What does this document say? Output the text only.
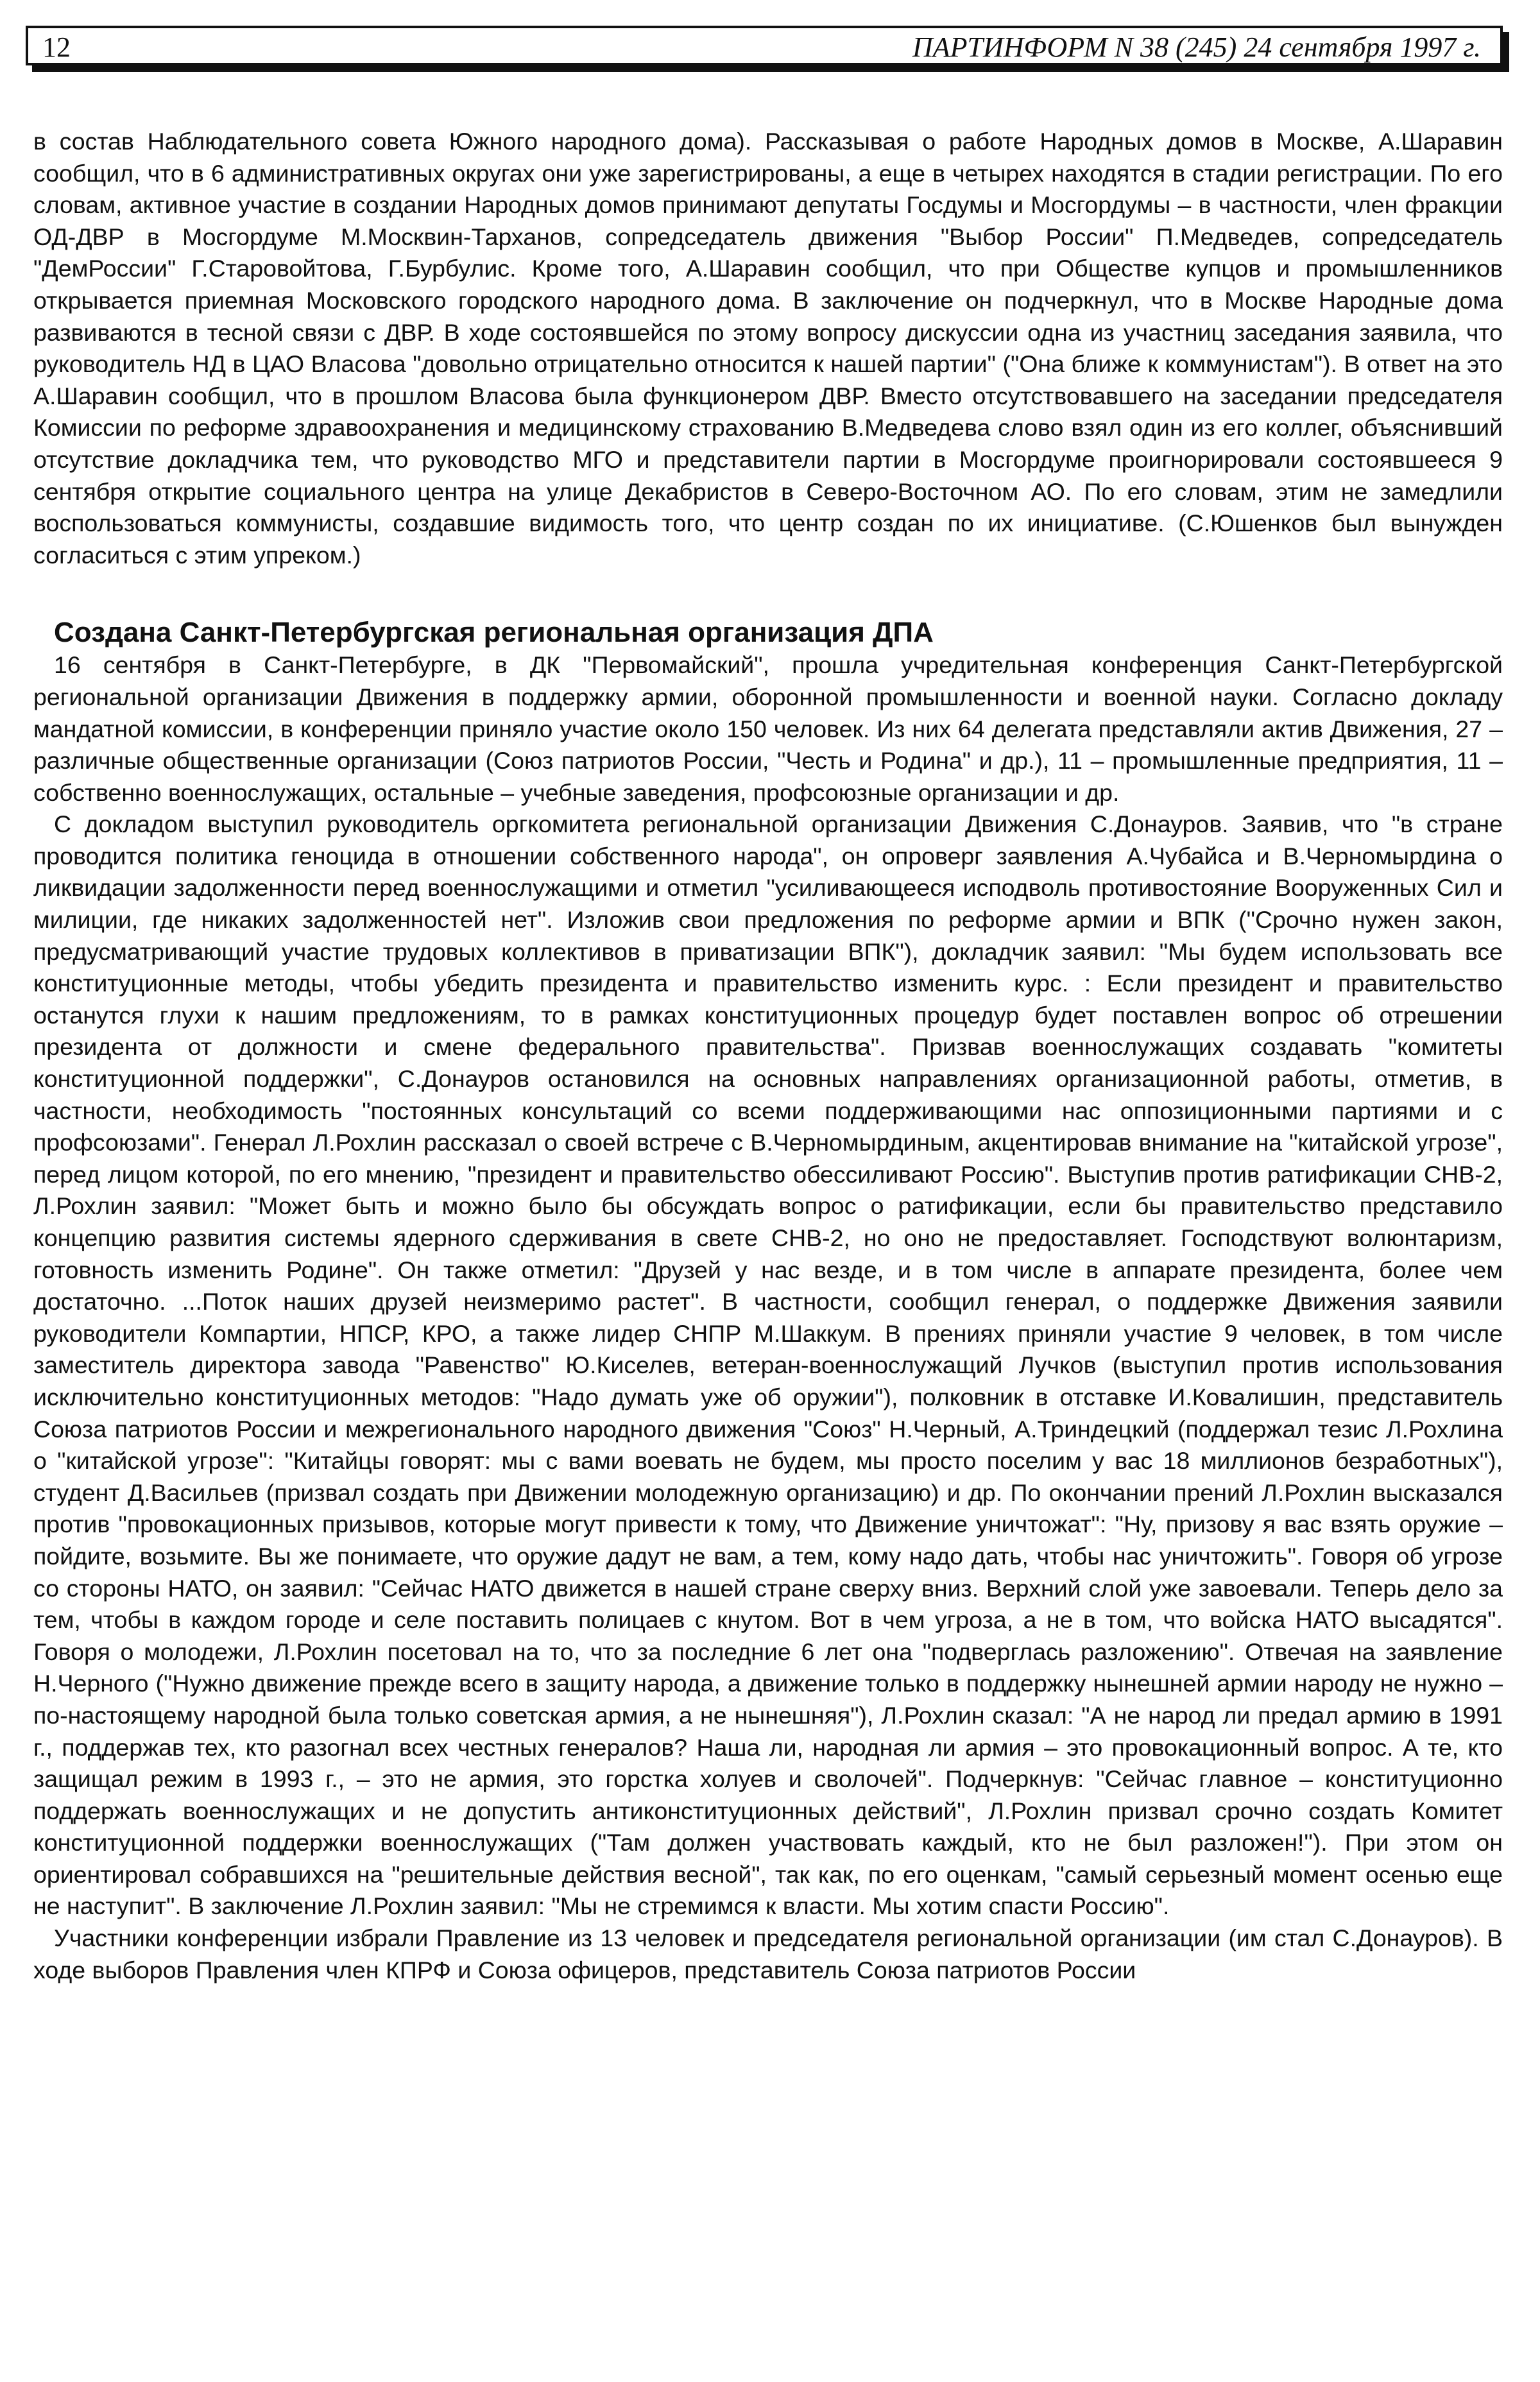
12	ПАРТИНФОРМ N 38 (245) 24 сентября 1997 г.

в состав Наблюдательного совета Южного народного дома). Рассказывая о работе Народных домов в Москве, А.Шаравин сообщил, что в 6 административных округах они уже зарегистрированы, а еще в четырех находятся в стадии регистрации. По его словам, активное участие в создании Народных домов принимают депутаты Госдумы и Мосгордумы – в частности, член фракции ОД-ДВР в Мосгордуме М.Москвин-Тарханов, сопредседатель движения "Выбор России" П.Медведев, сопредседатель "ДемРоссии" Г.Старовойтова, Г.Бурбулис. Кроме того, А.Шаравин сообщил, что при Обществе купцов и промышленников открывается приемная Московского городского народного дома. В заключение он подчеркнул, что в Москве Народные дома развиваются в тесной связи с ДВР. В ходе состоявшейся по этому вопросу дискуссии одна из участниц заседания заявила, что руководитель НД в ЦАО Власова "довольно отрицательно относится к нашей партии" ("Она ближе к коммунистам"). В ответ на это А.Шаравин сообщил, что в прошлом Власова была функционером ДВР. Вместо отсутствовавшего на заседании председателя Комиссии по реформе здравоохранения и медицинскому страхованию В.Медведева слово взял один из его коллег, объяснивший отсутствие докладчика тем, что руководство МГО и представители партии в Мосгордуме проигнорировали состоявшееся 9 сентября открытие социального центра на улице Декабристов в Северо-Восточном АО. По его словам, этим не замедлили воспользоваться коммунисты, создавшие видимость того, что центр создан по их инициативе. (С.Юшенков был вынужден согласиться с этим упреком.)

Создана Санкт-Петербургская региональная организация ДПА

16 сентября в Санкт-Петербурге, в ДК "Первомайский", прошла учредительная конференция Санкт-Петербургской региональной организации Движения в поддержку армии, оборонной промышленности и военной науки. Согласно докладу мандатной комиссии, в конференции приняло участие около 150 человек. Из них 64 делегата представляли актив Движения, 27 – различные общественные организации (Союз патриотов России, "Честь и Родина" и др.), 11 – промышленные предприятия, 11 – собственно военнослужащих, остальные – учебные заведения, профсоюзные организации и др.

С докладом выступил руководитель оргкомитета региональной организации Движения С.Донауров. Заявив, что "в стране проводится политика геноцида в отношении собственного народа", он опроверг заявления А.Чубайса и В.Черномырдина о ликвидации задолженности перед военнослужащими и отметил "усиливающееся исподволь противостояние Вооруженных Сил и милиции, где никаких задолженностей нет". Изложив свои предложения по реформе армии и ВПК ("Срочно нужен закон, предусматривающий участие трудовых коллективов в приватизации ВПК"), докладчик заявил: "Мы будем использовать все конституционные методы, чтобы убедить президента и правительство изменить курс. : Если президент и правительство останутся глухи к нашим предложениям, то в рамках конституционных процедур будет поставлен вопрос об отрешении президента от должности и смене федерального правительства". Призвав военнослужащих создавать "комитеты конституционной поддержки", С.Донауров остановился на основных направлениях организационной работы, отметив, в частности, необходимость "постоянных консультаций со всеми поддерживающими нас оппозиционными партиями и с профсоюзами". Генерал Л.Рохлин рассказал о своей встрече с В.Черномырдиным, акцентировав внимание на "китайской угрозе", перед лицом которой, по его мнению, "президент и правительство обессиливают Россию". Выступив против ратификации СНВ-2, Л.Рохлин заявил: "Может быть и можно было бы обсуждать вопрос о ратификации, если бы правительство представило концепцию развития системы ядерного сдерживания в свете СНВ-2, но оно не предоставляет. Господствуют волюнтаризм, готовность изменить Родине". Он также отметил: "Друзей у нас везде, и в том числе в аппарате президента, более чем достаточно. ...Поток наших друзей неизмеримо растет". В частности, сообщил генерал, о поддержке Движения заявили руководители Компартии, НПСР, КРО, а также лидер СНПР М.Шаккум. В прениях приняли участие 9 человек, в том числе заместитель директора завода "Равенство" Ю.Киселев, ветеран-военнослужащий Лучков (выступил против использования исключительно конституционных методов: "Надо думать уже об оружии"), полковник в отставке И.Ковалишин, представитель Союза патриотов России и межрегионального народного движения "Союз" Н.Черный, А.Триндецкий (поддержал тезис Л.Рохлина о "китайской угрозе": "Китайцы говорят: мы с вами воевать не будем, мы просто поселим у вас 18 миллионов безработных"), студент Д.Васильев (призвал создать при Движении молодежную организацию) и др. По окончании прений Л.Рохлин высказался против "провокационных призывов, которые могут привести к тому, что Движение уничтожат": "Ну, призову я вас взять оружие – пойдите, возьмите. Вы же понимаете, что оружие дадут не вам, а тем, кому надо дать, чтобы нас уничтожить". Говоря об угрозе со стороны НАТО, он заявил: "Сейчас НАТО движется в нашей стране сверху вниз. Верхний слой уже завоевали. Теперь дело за тем, чтобы в каждом городе и селе поставить полицаев с кнутом. Вот в чем угроза, а не в том, что войска НАТО высадятся". Говоря о молодежи, Л.Рохлин посетовал на то, что за последние 6 лет она "подверглась разложению". Отвечая на заявление Н.Черного ("Нужно движение прежде всего в защиту народа, а движение только в поддержку нынешней армии народу не нужно – по-настоящему народной была только советская армия, а не нынешняя"), Л.Рохлин сказал: "А не народ ли предал армию в 1991 г., поддержав тех, кто разогнал всех честных генералов? Наша ли, народная ли армия – это провокационный вопрос. А те, кто защищал режим в 1993 г., – это не армия, это горстка холуев и сволочей". Подчеркнув: "Сейчас главное – конституционно поддержать военнослужащих и не допустить антиконституционных действий", Л.Рохлин призвал срочно создать Комитет конституционной поддержки военнослужащих ("Там должен участвовать каждый, кто не был разложен!"). При этом он ориентировал собравшихся на "решительные действия весной", так как, по его оценкам, "самый серьезный момент осенью еще не наступит". В заключение Л.Рохлин заявил: "Мы не стремимся к власти. Мы хотим спасти Россию".

Участники конференции избрали Правление из 13 человек и председателя региональной организации (им стал С.Донауров). В ходе выборов Правления член КПРФ и Союза офицеров, представитель Союза патриотов России
